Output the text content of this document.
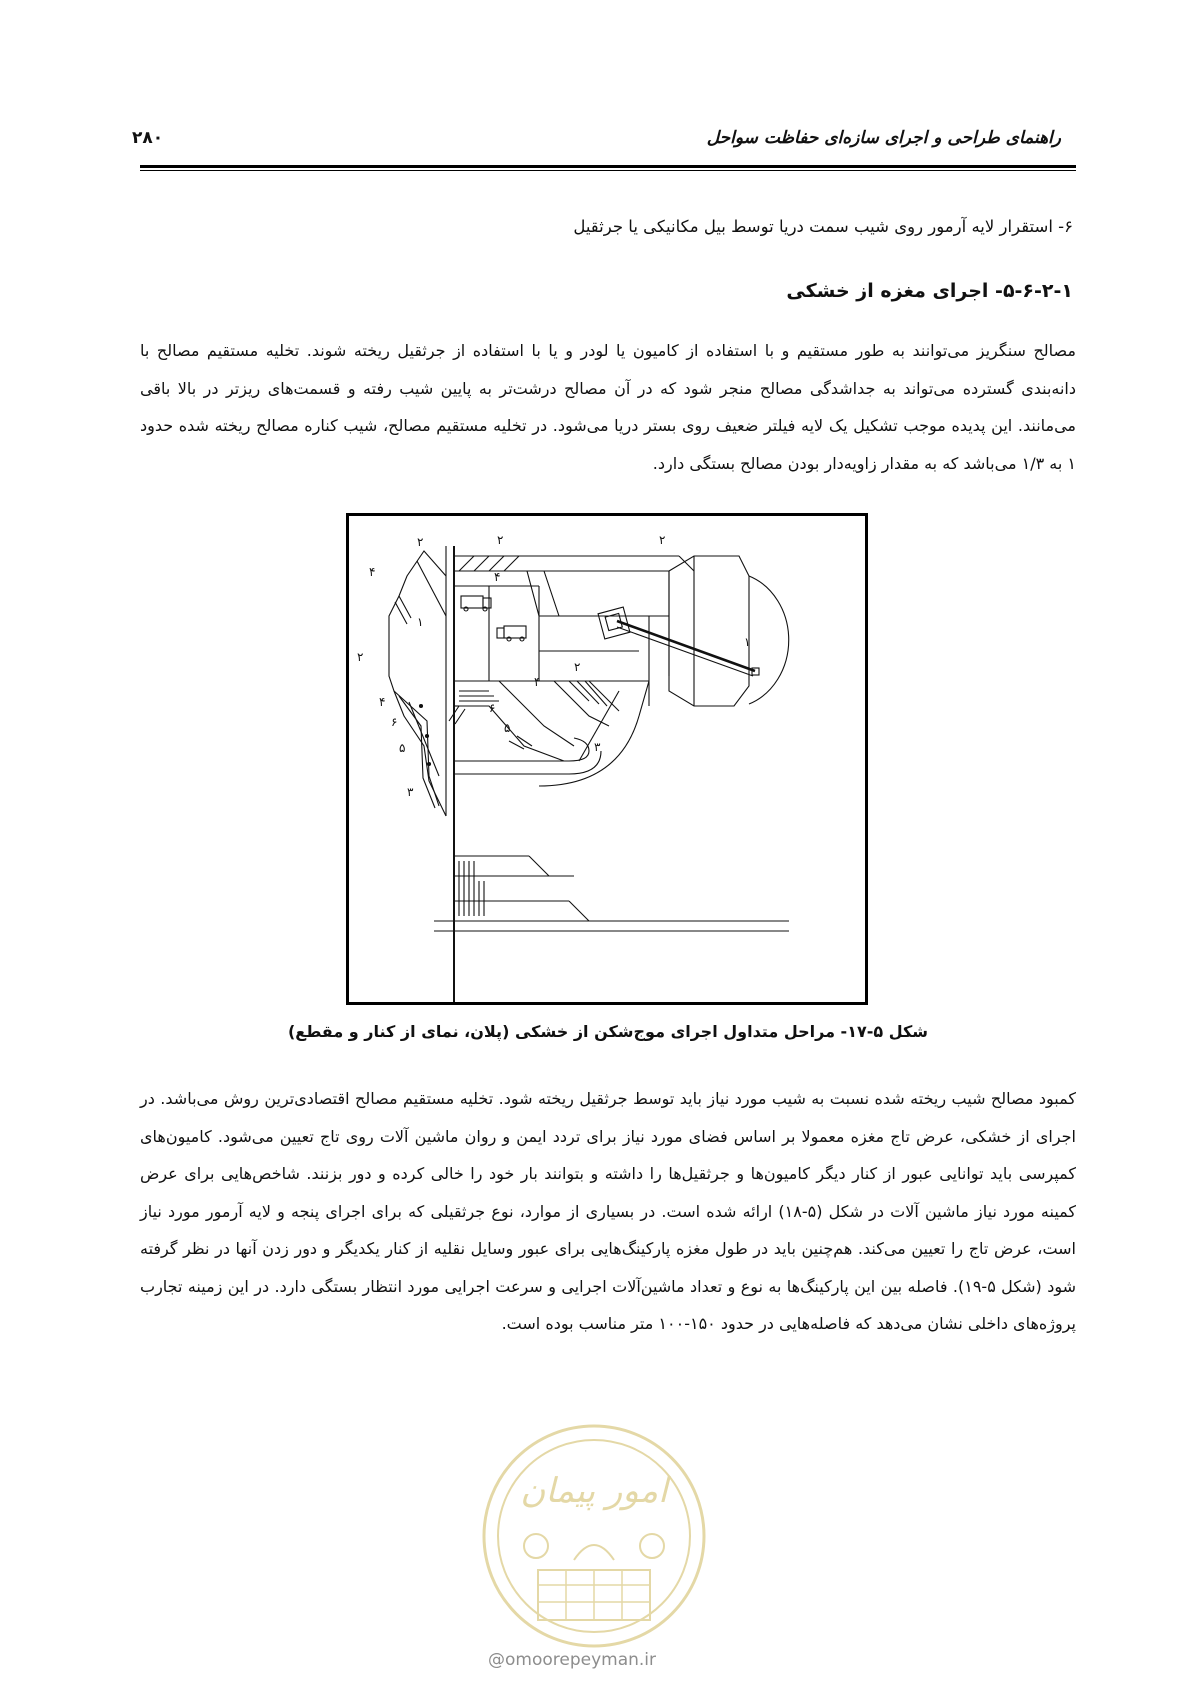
راهنمای طراحی و اجرای سازه‌ای حفاظت سواحل
۲۸۰
۶- استقرار لایه آرمور روی شیب سمت دریا توسط بیل مکانیکی یا جرثقیل
۵-۶-۲-۱- اجرای مغزه از خشکی
مصالح سنگریز می‌توانند به طور مستقیم و با استفاده از کامیون یا لودر و یا با استفاده از جرثقیل ریخته شوند. تخلیه مستقیم مصالح با دانه‌بندی گسترده می‌تواند به جداشدگی مصالح منجر شود که در آن مصالح درشت‌تر به پایین شیب رفته و قسمت‌های ریزتر در بالا باقی می‌مانند. این پدیده موجب تشکیل یک لایه فیلتر ضعیف روی بستر دریا می‌شود. در تخلیه مستقیم مصالح، شیب کناره مصالح ریخته شده حدود ۱ به ۱/۳ می‌باشد که به مقدار زاویه‌دار بودن مصالح بستگی دارد.
۲
۴
۱
۲
۴
۶
۵
۳
۲	۲
۴
۱
۲
۴
۶
۵
۳
شکل ۵-۱۷- مراحل متداول اجرای موج‌شکن از خشکی (پلان، نمای از کنار و مقطع)
کمبود مصالح شیب ریخته شده نسبت به شیب مورد نیاز باید توسط جرثقیل ریخته شود. تخلیه مستقیم مصالح اقتصادی‌ترین روش می‌باشد. در اجرای از خشکی، عرض تاج مغزه معمولا بر اساس فضای مورد نیاز برای تردد ایمن و روان ماشین آلات روی تاج تعیین می‌شود. کامیون‌های کمپرسی باید توانایی عبور از کنار دیگر کامیون‌ها و جرثقیل‌ها را داشته و بتوانند بار خود را خالی کرده و دور بزنند. شاخص‌هایی برای عرض کمینه مورد نیاز ماشین آلات در شکل (۵-۱۸) ارائه شده است. در بسیاری از موارد، نوع جرثقیلی که برای اجرای پنجه و لایه آرمور مورد نیاز است، عرض تاج را تعیین می‌کند. هم‌چنین باید در طول مغزه پارکینگ‌هایی برای عبور وسایل نقلیه از کنار یکدیگر و دور زدن آنها در نظر گرفته شود (شکل ۵-۱۹). فاصله بین این پارکینگ‌ها به نوع و تعداد ماشین‌آلات اجرایی و سرعت اجرایی مورد انتظار بستگی دارد. در این زمینه تجارب پروژه‌های داخلی نشان می‌دهد که فاصله‌هایی در حدود ۱۵۰-۱۰۰ متر مناسب بوده است.
امور پیمان
@omoorepeyman.ir
